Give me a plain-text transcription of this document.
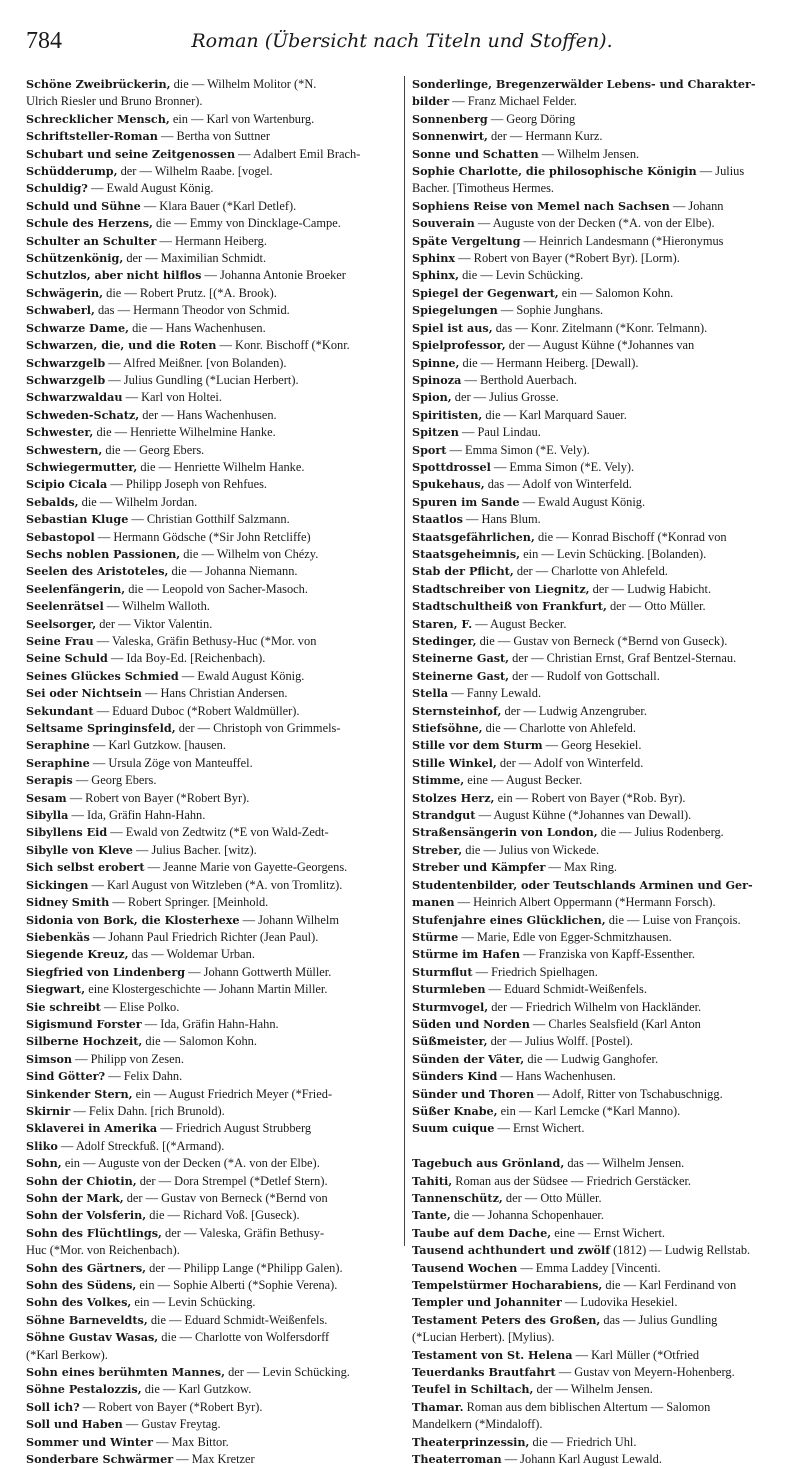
784	Roman (Übersicht nach Titeln und Stoffen).
Schöne Zweibrückerin, die — Wilhelm Molitor (*N.
Ulrich Riesler und Bruno Bronner).
Schrecklicher Mensch, ein — Karl von Wartenburg.
Schriftsteller-Roman — Bertha von Suttner
Schubart und seine Zeitgenossen — Adalbert Emil Brach-
Schüdderump, der — Wilhelm Raabe. [vogel.
Schuldig? — Ewald August König.
Schuld und Sühne — Klara Bauer (*Karl Detlef).
Schule des Herzens, die — Emmy von Dincklage-Campe.
Schulter an Schulter — Hermann Heiberg.
Schützenkönig, der — Maximilian Schmidt.
Schutzlos, aber nicht hilflos — Johanna Antonie Broeker
Schwägerin, die — Robert Prutz. [(*A. Brook).
Schwaberl, das — Hermann Theodor von Schmid.
Schwarze Dame, die — Hans Wachenhusen.
Schwarzen, die, und die Roten — Konr. Bischoff (*Konr.
Schwarzgelb — Alfred Meißner. [von Bolanden).
Schwarzgelb — Julius Gundling (*Lucian Herbert).
Schwarzwaldau — Karl von Holtei.
Schweden-Schatz, der — Hans Wachenhusen.
Schwester, die — Henriette Wilhelmine Hanke.
Schwestern, die — Georg Ebers.
Schwiegermutter, die — Henriette Wilhelm Hanke.
Scipio Cicala — Philipp Joseph von Rehfues.
Sebalds, die — Wilhelm Jordan.
Sebastian Kluge — Christian Gotthilf Salzmann.
Sebastopol — Hermann Gödsche (*Sir John Retcliffe)
Sechs noblen Passionen, die — Wilhelm von Chézy.
Seelen des Aristoteles, die — Johanna Niemann.
Seelenfängerin, die — Leopold von Sacher-Masoch.
Seelenrätsel — Wilhelm Walloth.
Seelsorger, der — Viktor Valentin.
Seine Frau — Valeska, Gräfin Bethusy-Huc (*Mor. von
Seine Schuld — Ida Boy-Ed. [Reichenbach).
Seines Glückes Schmied — Ewald August König.
Sei oder Nichtsein — Hans Christian Andersen.
Sekundant — Eduard Duboc (*Robert Waldmüller).
Seltsame Springinsfeld, der — Christoph von Grimmels-
Seraphine — Karl Gutzkow. [hausen.
Seraphine — Ursula Zöge von Manteuffel.
Serapis — Georg Ebers.
Sesam — Robert von Bayer (*Robert Byr).
Sibylla — Ida, Gräfin Hahn-Hahn.
Sibyllens Eid — Ewald von Zedtwitz (*E von Wald-Zedt-
Sibylle von Kleve — Julius Bacher. [witz).
Sich selbst erobert — Jeanne Marie von Gayette-Georgens.
Sickingen — Karl August von Witzleben (*A. von Tromlitz).
Sidney Smith — Robert Springer. [Meinhold.
Sidonia von Bork, die Klosterhexe — Johann Wilhelm
Siebenkäs — Johann Paul Friedrich Richter (Jean Paul).
Siegende Kreuz, das — Woldemar Urban.
Siegfried von Lindenberg — Johann Gottwerth Müller.
Siegwart, eine Klostergeschichte — Johann Martin Miller.
Sie schreibt — Elise Polko.
Sigismund Forster — Ida, Gräfin Hahn-Hahn.
Silberne Hochzeit, die — Salomon Kohn.
Simson — Philipp von Zesen.
Sind Götter? — Felix Dahn.
Sinkender Stern, ein — August Friedrich Meyer (*Fried-
Skirnir — Felix Dahn. [rich Brunold).
Sklaverei in Amerika — Friedrich August Strubberg
Sliko — Adolf Streckfuß. [(*Armand).
Sohn, ein — Auguste von der Decken (*A. von der Elbe).
Sohn der Chiotin, der — Dora Strempel (*Detlef Stern).
Sohn der Mark, der — Gustav von Berneck (*Bernd von
Sohn der Volsferin, die — Richard Voß. [Guseck).
Sohn des Flüchtlings, der — Valeska, Gräfin Bethusy-
Huc (*Mor. von Reichenbach).
Sohn des Gärtners, der — Philipp Lange (*Philipp Galen).
Sohn des Südens, ein — Sophie Alberti (*Sophie Verena).
Sohn des Volkes, ein — Levin Schücking.
Söhne Barneveldts, die — Eduard Schmidt-Weißenfels.
Söhne Gustav Wasas, die — Charlotte von Wolfersdorff
(*Karl Berkow).
Sohn eines berühmten Mannes, der — Levin Schücking.
Söhne Pestalozzis, die — Karl Gutzkow.
Soll ich? — Robert von Bayer (*Robert Byr).
Soll und Haben — Gustav Freytag.
Sommer und Winter — Max Bittor.
Sonderbare Schwärmer — Max Kretzer
Sonderlinge, Bregenzerwälder Lebens- und Charakter-
bilder — Franz Michael Felder.
Sonnenberg — Georg Döring
Sonnenwirt, der — Hermann Kurz.
Sonne und Schatten — Wilhelm Jensen.
Sophie Charlotte, die philosophische Königin — Julius
Bacher. [Timotheus Hermes.
Sophiens Reise von Memel nach Sachsen — Johann
Souverain — Auguste von der Decken (*A. von der Elbe).
Späte Vergeltung — Heinrich Landesmann (*Hieronymus
Sphinx — Robert von Bayer (*Robert Byr). [Lorm).
Sphinx, die — Levin Schücking.
Spiegel der Gegenwart, ein — Salomon Kohn.
Spiegelungen — Sophie Junghans.
Spiel ist aus, das — Konr. Zitelmann (*Konr. Telmann).
Spielprofessor, der — August Kühne (*Johannes van
Spinne, die — Hermann Heiberg. [Dewall).
Spinoza — Berthold Auerbach.
Spion, der — Julius Grosse.
Spiritisten, die — Karl Marquard Sauer.
Spitzen — Paul Lindau.
Sport — Emma Simon (*E. Vely).
Spottdrossel — Emma Simon (*E. Vely).
Spukehaus, das — Adolf von Winterfeld.
Spuren im Sande — Ewald August König.
Staatlos — Hans Blum.
Staatsgefährlichen, die — Konrad Bischoff (*Konrad von
Staatsgeheimnis, ein — Levin Schücking. [Bolanden).
Stab der Pflicht, der — Charlotte von Ahlefeld.
Stadtschreiber von Liegnitz, der — Ludwig Habicht.
Stadtschultheiß von Frankfurt, der — Otto Müller.
Staren, F. — August Becker.
Stedinger, die — Gustav von Berneck (*Bernd von Guseck).
Steinerne Gast, der — Christian Ernst, Graf Bentzel-Sternau.
Steinerne Gast, der — Rudolf von Gottschall.
Stella — Fanny Lewald.
Sternsteinhof, der — Ludwig Anzengruber.
Stiefsöhne, die — Charlotte von Ahlefeld.
Stille vor dem Sturm — Georg Hesekiel.
Stille Winkel, der — Adolf von Winterfeld.
Stimme, eine — August Becker.
Stolzes Herz, ein — Robert von Bayer (*Rob. Byr).
Strandgut — August Kühne (*Johannes van Dewall).
Straßensängerin von London, die — Julius Rodenberg.
Streber, die — Julius von Wickede.
Streber und Kämpfer — Max Ring.
Studentenbilder, oder Teutschlands Arminen und Ger-
manen — Heinrich Albert Oppermann (*Hermann Forsch).
Stufenjahre eines Glücklichen, die — Luise von François.
Stürme — Marie, Edle von Egger-Schmitzhausen.
Stürme im Hafen — Franziska von Kapff-Essenther.
Sturmflut — Friedrich Spielhagen.
Sturmleben — Eduard Schmidt-Weißenfels.
Sturmvogel, der — Friedrich Wilhelm von Hackländer.
Süden und Norden — Charles Sealsfield (Karl Anton
Süßmeister, der — Julius Wolff. [Postel).
Sünden der Väter, die — Ludwig Ganghofer.
Sünders Kind — Hans Wachenhusen.
Sünder und Thoren — Adolf, Ritter von Tschabuschnigg.
Süßer Knabe, ein — Karl Lemcke (*Karl Manno).
Suum cuique — Ernst Wichert.
Tagebuch aus Grönland, das — Wilhelm Jensen.
Tahiti, Roman aus der Südsee — Friedrich Gerstäcker.
Tannenschütz, der — Otto Müller.
Tante, die — Johanna Schopenhauer.
Taube auf dem Dache, eine — Ernst Wichert.
Tausend achthundert und zwölf (1812) — Ludwig Rellstab.
Tausend Wochen — Emma Laddey [Vincenti.
Tempelstürmer Hocharabiens, die — Karl Ferdinand von
Templer und Johanniter — Ludovika Hesekiel.
Testament Peters des Großen, das — Julius Gundling
(*Lucian Herbert). [Mylius).
Testament von St. Helena — Karl Müller (*Otfried
Teuerdanks Brautfahrt — Gustav von Meyern-Hohenberg.
Teufel in Schiltach, der — Wilhelm Jensen.
Thamar. Roman aus dem biblischen Altertum — Salomon
Mandelkern (*Mindaloff).
Theaterprinzessin, die — Friedrich Uhl.
Theaterroman — Johann Karl August Lewald.
